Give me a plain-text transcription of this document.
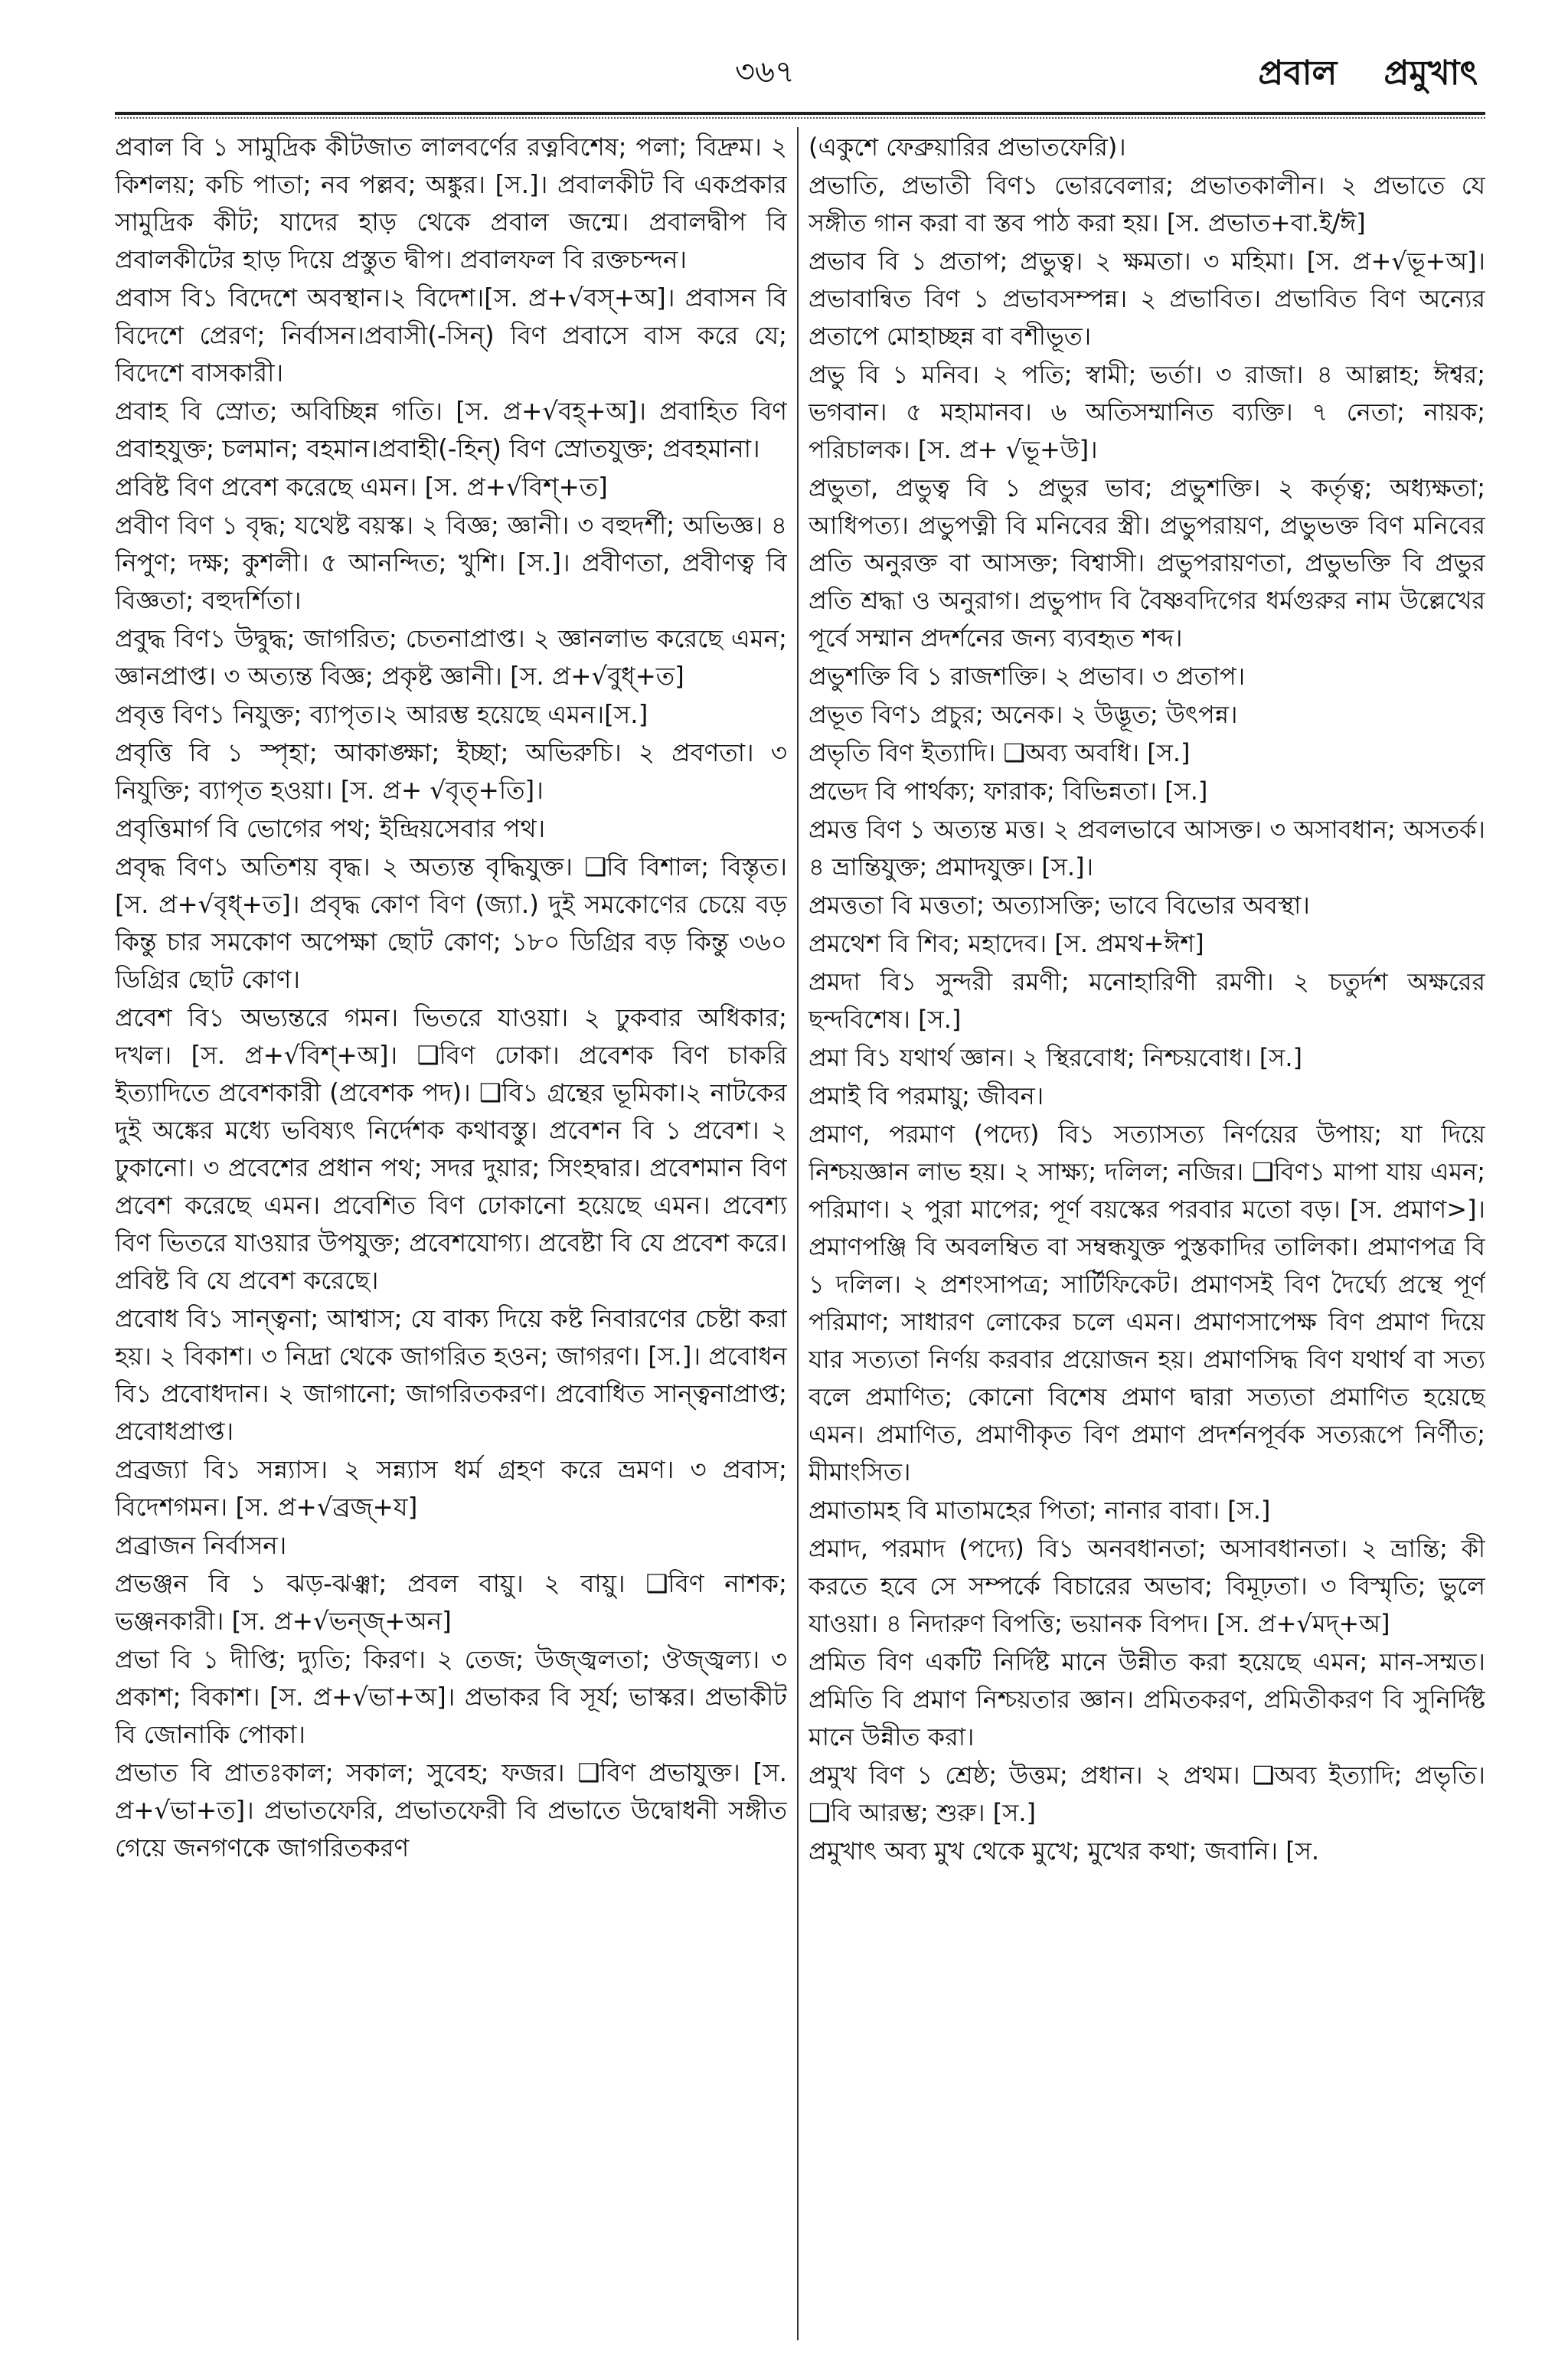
৩৬৭	প্রবাল প্রমুখাৎ

প্রবাল বি ১ সামুদ্রিক কীটজাত লালবর্ণের রত্নবিশেষ; পলা; বিদ্রুম। ২ কিশলয়; কচি পাতা; নব পল্লব; অঙ্কুর। [স.]। প্রবালকীট বি একপ্রকার সামুদ্রিক কীট; যাদের হাড় থেকে প্রবাল জন্মে। প্রবালদ্বীপ বি প্রবালকীটের হাড় দিয়ে প্রস্তুত দ্বীপ। প্রবালফল বি রক্তচন্দন।

প্রবাস বি১ বিদেশে অবস্থান।২ বিদেশ।[স. প্র+√বস্+অ]। প্রবাসন বি বিদেশে প্রেরণ; নির্বাসন।প্রবাসী(-সিন্) বিণ প্রবাসে বাস করে যে; বিদেশে বাসকারী।

প্রবাহ বি স্রোত; অবিচ্ছিন্ন গতি। [স. প্র+√বহ্+অ]। প্রবাহিত বিণ প্রবাহযুক্ত; চলমান; বহমান।প্রবাহী(-হিন্) বিণ স্রোতযুক্ত; প্রবহমানা।

প্রবিষ্ট বিণ প্রবেশ করেছে এমন। [স. প্র+√বিশ্+ত]

প্রবীণ বিণ ১ বৃদ্ধ; যথেষ্ট বয়স্ক। ২ বিজ্ঞ; জ্ঞানী। ৩ বহুদর্শী; অভিজ্ঞ। ৪ নিপুণ; দক্ষ; কুশলী। ৫ আনন্দিত; খুশি। [স.]। প্রবীণতা, প্রবীণত্ব বি বিজ্ঞতা; বহুদর্শিতা।

প্রবুদ্ধ বিণ১ উদ্বুদ্ধ; জাগরিত; চেতনাপ্রাপ্ত। ২ জ্ঞানলাভ করেছে এমন; জ্ঞানপ্রাপ্ত। ৩ অত্যন্ত বিজ্ঞ; প্রকৃষ্ট জ্ঞানী। [স. প্র+√বুধ্+ত]

প্রবৃত্ত বিণ১ নিযুক্ত; ব্যাপৃত।২ আরম্ভ হয়েছে এমন।[স.]

প্রবৃত্তি বি ১ স্পৃহা; আকাঙ্ক্ষা; ইচ্ছা; অভিরুচি। ২ প্রবণতা। ৩ নিযুক্তি; ব্যাপৃত হওয়া। [স. প্র+ √বৃত্+তি]।

প্রবৃত্তিমার্গ বি ভোগের পথ; ইন্দ্রিয়সেবার পথ।

প্রবৃদ্ধ বিণ১ অতিশয় বৃদ্ধ। ২ অত্যন্ত বৃদ্ধিযুক্ত। ❑বি বিশাল; বিস্তৃত। [স. প্র+√বৃধ্+ত]। প্রবৃদ্ধ কোণ বিণ (জ্যা.) দুই সমকোণের চেয়ে বড় কিন্তু চার সমকোণ অপেক্ষা ছোট কোণ; ১৮০ ডিগ্রির বড় কিন্তু ৩৬০ ডিগ্রির ছোট কোণ।

প্রবেশ বি১ অভ্যন্তরে গমন। ভিতরে যাওয়া। ২ ঢুকবার অধিকার; দখল। [স. প্র+√বিশ্+অ]। ❑বিণ ঢোকা। প্রবেশক বিণ চাকরি ইত্যাদিতে প্রবেশকারী (প্রবেশক পদ)। ❑বি১ গ্রন্থের ভূমিকা।২ নাটকের দুই অঙ্কের মধ্যে ভবিষ্যৎ নির্দেশক কথাবস্তু। প্রবেশন বি ১ প্রবেশ। ২ ঢুকানো। ৩ প্রবেশের প্রধান পথ; সদর দুয়ার; সিংহদ্বার। প্রবেশমান বিণ প্রবেশ করেছে এমন। প্রবেশিত বিণ ঢোকানো হয়েছে এমন। প্রবেশ্য বিণ ভিতরে যাওয়ার উপযুক্ত; প্রবেশযোগ্য। প্রবেষ্টা বি যে প্রবেশ করে। প্রবিষ্ট বি যে প্রবেশ করেছে।

প্রবোধ বি১ সান্ত্বনা; আশ্বাস; যে বাক্য দিয়ে কষ্ট নিবারণের চেষ্টা করা হয়। ২ বিকাশ। ৩ নিদ্রা থেকে জাগরিত হওন; জাগরণ। [স.]। প্রবোধন বি১ প্রবোধদান। ২ জাগানো; জাগরিতকরণ। প্রবোধিত সান্ত্বনাপ্রাপ্ত; প্রবোধপ্রাপ্ত।

প্রব্রজ্যা বি১ সন্ন্যাস। ২ সন্ন্যাস ধর্ম গ্রহণ করে ভ্রমণ। ৩ প্রবাস; বিদেশগমন। [স. প্র+√ব্রজ্+য]

প্রব্রাজন নির্বাসন।

প্রভঞ্জন বি ১ ঝড়-ঝঞ্ঝা; প্রবল বায়ু। ২ বায়ু। ❑বিণ নাশক; ভঞ্জনকারী। [স. প্র+√ভন্‌জ্+অন]

প্রভা বি ১ দীপ্তি; দ্যুতি; কিরণ। ২ তেজ; উজ্জ্বলতা; ঔজ্জ্বল্য। ৩ প্রকাশ; বিকাশ। [স. প্র+√ভা+অ]। প্রভাকর বি সূর্য; ভাস্কর। প্রভাকীট বি জোনাকি পোকা।

প্রভাত বি প্রাতঃকাল; সকাল; সুবেহ; ফজর। ❑বিণ প্রভাযুক্ত। [স. প্র+√ভা+ত]। প্রভাতফেরি, প্রভাতফেরী বি প্রভাতে উদ্বোধনী সঙ্গীত গেয়ে জনগণকে জাগরিতকরণ

(একুশে ফেব্রুয়ারির প্রভাতফেরি)।

প্রভাতি, প্রভাতী বিণ১ ভোরবেলার; প্রভাতকালীন। ২ প্রভাতে যে সঙ্গীত গান করা বা স্তব পাঠ করা হয়। [স. প্রভাত+বা.ই/ঈ]

প্রভাব বি ১ প্রতাপ; প্রভুত্ব। ২ ক্ষমতা। ৩ মহিমা। [স. প্র+√ভূ+অ]। প্রভাবান্বিত বিণ ১ প্রভাবসম্পন্ন। ২ প্রভাবিত। প্রভাবিত বিণ অন্যের প্রতাপে মোহাচ্ছন্ন বা বশীভূত।

প্রভু বি ১ মনিব। ২ পতি; স্বামী; ভর্তা। ৩ রাজা। ৪ আল্লাহ; ঈশ্বর; ভগবান। ৫ মহামানব। ৬ অতিসম্মানিত ব্যক্তি। ৭ নেতা; নায়ক; পরিচালক। [স. প্র+ √ভূ+উ]।

প্রভুতা, প্রভুত্ব বি ১ প্রভুর ভাব; প্রভুশক্তি। ২ কর্তৃত্ব; অধ্যক্ষতা; আধিপত্য। প্রভুপত্নী বি মনিবের স্ত্রী। প্রভুপরায়ণ, প্রভুভক্ত বিণ মনিবের প্রতি অনুরক্ত বা আসক্ত; বিশ্বাসী। প্রভুপরায়ণতা, প্রভুভক্তি বি প্রভুর প্রতি শ্রদ্ধা ও অনুরাগ। প্রভুপাদ বি বৈষ্ণবদিগের ধর্মগুরুর নাম উল্লেখের পূর্বে সম্মান প্রদর্শনের জন্য ব্যবহৃত শব্দ।

প্রভুশক্তি বি ১ রাজশক্তি। ২ প্রভাব। ৩ প্রতাপ।

প্রভূত বিণ১ প্রচুর; অনেক। ২ উদ্ভূত; উৎপন্ন।

প্রভৃতি বিণ ইত্যাদি। ❑অব্য অবধি। [স.]

প্রভেদ বি পার্থক্য; ফারাক; বিভিন্নতা। [স.]

প্রমত্ত বিণ ১ অত্যন্ত মত্ত। ২ প্রবলভাবে আসক্ত। ৩ অসাবধান; অসতর্ক। ৪ ভ্রান্তিযুক্ত; প্রমাদযুক্ত। [স.]।

প্রমত্ততা বি মত্ততা; অত্যাসক্তি; ভাবে বিভোর অবস্থা।

প্রমথেশ বি শিব; মহাদেব। [স. প্রমথ+ঈশ]

প্রমদা বি১ সুন্দরী রমণী; মনোহারিণী রমণী। ২ চতুর্দশ অক্ষরের ছন্দবিশেষ। [স.]

প্রমা বি১ যথার্থ জ্ঞান। ২ স্থিরবোধ; নিশ্চয়বোধ। [স.]

প্রমাই বি পরমায়ু; জীবন।

প্রমাণ, পরমাণ (পদ্যে) বি১ সত্যাসত্য নির্ণয়ের উপায়; যা দিয়ে নিশ্চয়জ্ঞান লাভ হয়। ২ সাক্ষ্য; দলিল; নজির। ❑বিণ১ মাপা যায় এমন; পরিমাণ। ২ পুরা মাপের; পূর্ণ বয়স্কের পরবার মতো বড়। [স. প্রমাণ>]। প্রমাণপঞ্জি বি অবলম্বিত বা সম্বন্ধযুক্ত পুস্তকাদির তালিকা। প্রমাণপত্র বি ১ দলিল। ২ প্রশংসাপত্র; সার্টিফিকেট। প্রমাণসই বিণ দৈর্ঘ্যে প্রস্থে পূর্ণ পরিমাণ; সাধারণ লোকের চলে এমন। প্রমাণসাপেক্ষ বিণ প্রমাণ দিয়ে যার সত্যতা নির্ণয় করবার প্রয়োজন হয়। প্রমাণসিদ্ধ বিণ যথার্থ বা সত্য বলে প্রমাণিত; কোনো বিশেষ প্রমাণ দ্বারা সত্যতা প্রমাণিত হয়েছে এমন। প্রমাণিত, প্রমাণীকৃত বিণ প্রমাণ প্রদর্শনপূর্বক সত্যরূপে নির্ণীত; মীমাংসিত।

প্রমাতামহ বি মাতামহের পিতা; নানার বাবা। [স.]

প্রমাদ, পরমাদ (পদ্যে) বি১ অনবধানতা; অসাবধানতা। ২ ভ্রান্তি; কী করতে হবে সে সম্পর্কে বিচারের অভাব; বিমূঢ়তা। ৩ বিস্মৃতি; ভুলে যাওয়া। ৪ নিদারুণ বিপত্তি; ভয়ানক বিপদ। [স. প্র+√মদ্+অ]

প্রমিত বিণ একটি নির্দিষ্ট মানে উন্নীত করা হয়েছে এমন; মান-সম্মত। প্রমিতি বি প্রমাণ নিশ্চয়তার জ্ঞান। প্রমিতকরণ, প্রমিতীকরণ বি সুনির্দিষ্ট মানে উন্নীত করা।

প্রমুখ বিণ ১ শ্রেষ্ঠ; উত্তম; প্রধান। ২ প্রথম। ❑অব্য ইত্যাদি; প্রভৃতি। ❑বি আরম্ভ; শুরু। [স.]

প্রমুখাৎ অব্য মুখ থেকে মুখে; মুখের কথা; জবানি। [স.
